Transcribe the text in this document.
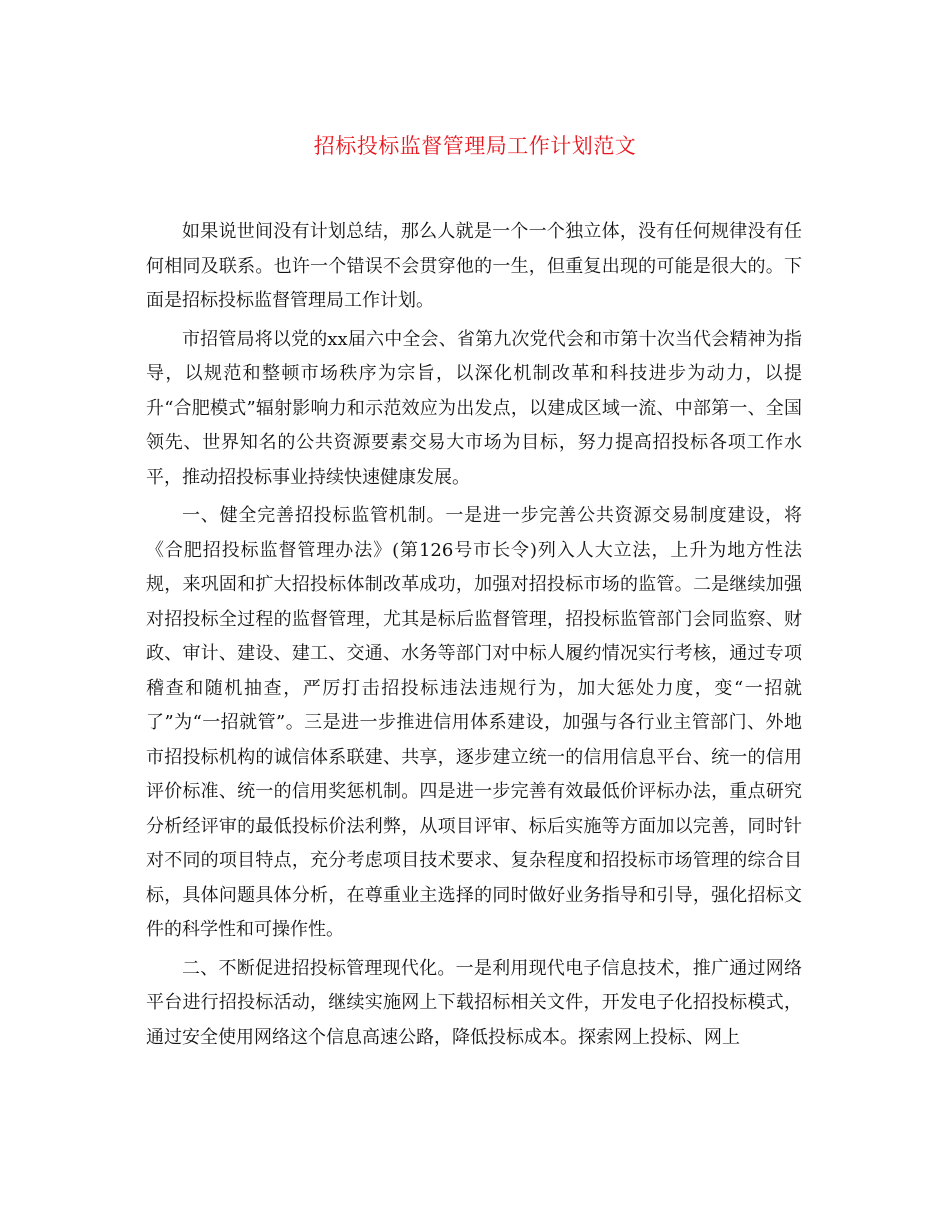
招标投标监督管理局工作计划范文

如果说世间没有计划总结，那么人就是一个一个独立体，没有任何规律没有任何相同及联系。也许一个错误不会贯穿他的一生，但重复出现的可能是很大的。下面是招标投标监督管理局工作计划。

市招管局将以党的xx届六中全会、省第九次党代会和市第十次当代会精神为指导，以规范和整顿市场秩序为宗旨，以深化机制改革和科技进步为动力，以提升“合肥模式”辐射影响力和示范效应为出发点，以建成区域一流、中部第一、全国领先、世界知名的公共资源要素交易大市场为目标，努力提高招投标各项工作水平，推动招投标事业持续快速健康发展。

一、健全完善招投标监管机制。一是进一步完善公共资源交易制度建设，将《合肥招投标监督管理办法》(第126号市长令)列入人大立法，上升为地方性法规，来巩固和扩大招投标体制改革成功，加强对招投标市场的监管。二是继续加强对招投标全过程的监督管理，尤其是标后监督管理，招投标监管部门会同监察、财政、审计、建设、建工、交通、水务等部门对中标人履约情况实行考核，通过专项稽查和随机抽查，严厉打击招投标违法违规行为，加大惩处力度，变“一招就了”为“一招就管”。三是进一步推进信用体系建设，加强与各行业主管部门、外地市招投标机构的诚信体系联建、共享，逐步建立统一的信用信息平台、统一的信用评价标准、统一的信用奖惩机制。四是进一步完善有效最低价评标办法，重点研究分析经评审的最低投标价法利弊，从项目评审、标后实施等方面加以完善，同时针对不同的项目特点，充分考虑项目技术要求、复杂程度和招投标市场管理的综合目标，具体问题具体分析，在尊重业主选择的同时做好业务指导和引导，强化招标文件的科学性和可操作性。

二、不断促进招投标管理现代化。一是利用现代电子信息技术，推广通过网络平台进行招投标活动，继续实施网上下载招标相关文件，开发电子化招投标模式，通过安全使用网络这个信息高速公路，降低投标成本。探索网上投标、网上
